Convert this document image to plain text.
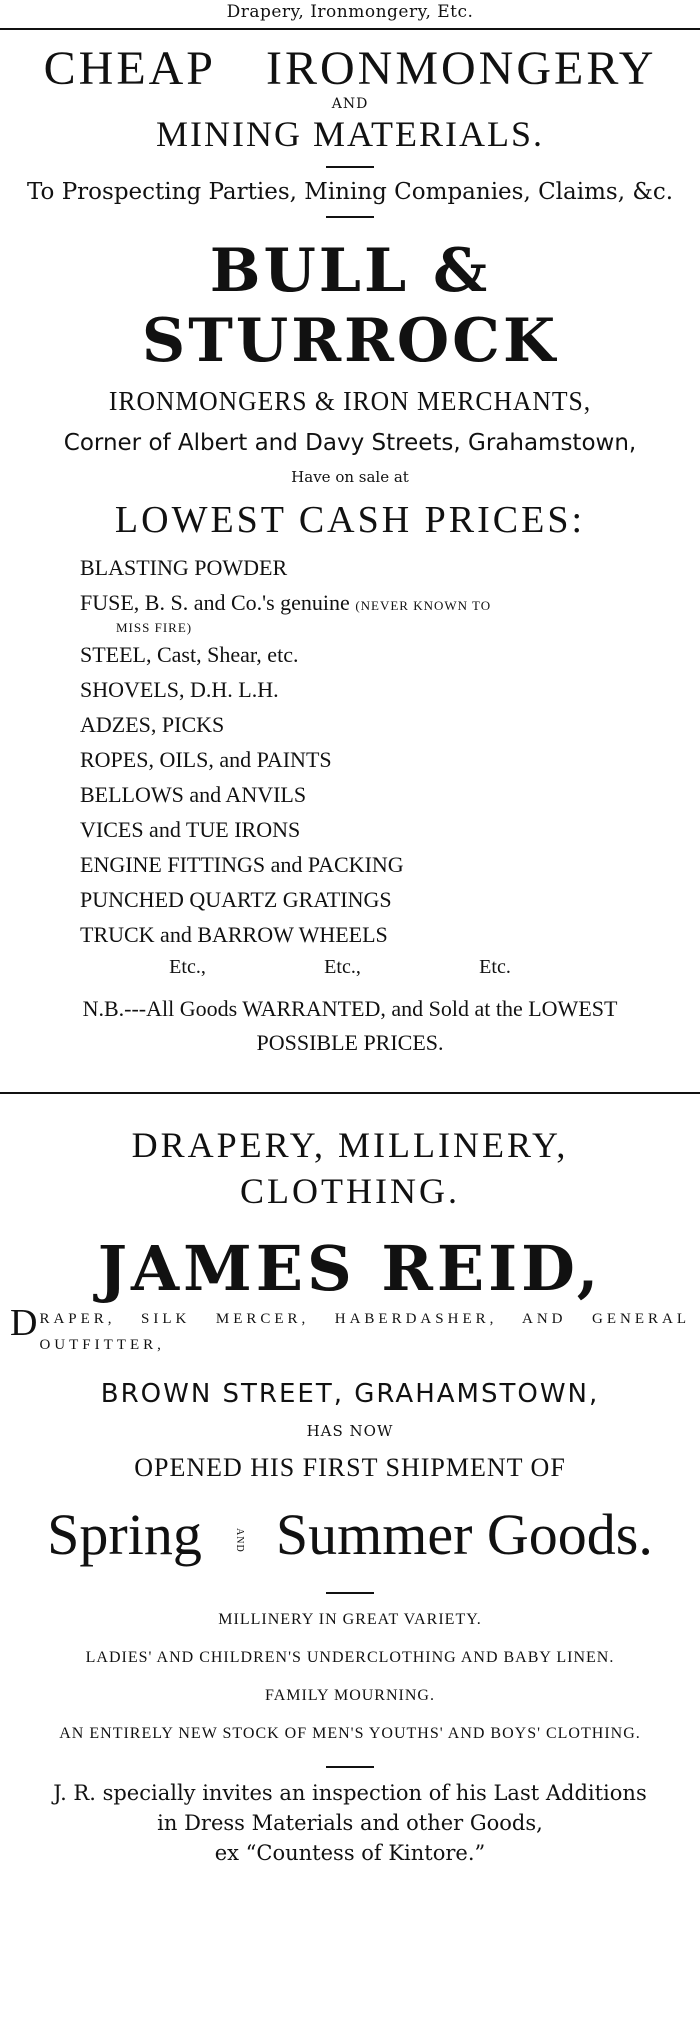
Drapery, Ironmongery, Etc.
CHEAP IRONMONGERY
AND
MINING MATERIALS.
To Prospecting Parties, Mining Companies, Claims, &c.
BULL & STURROCK
IRONMONGERS & IRON MERCHANTS,
Corner of Albert and Davy Streets, Grahamstown,
Have on sale at
LOWEST CASH PRICES:
BLASTING POWDER
FUSE, B. S. and Co.'s genuine (NEVER KNOWN TO
MISS FIRE)
STEEL, Cast, Shear, etc.
SHOVELS, D.H. L.H.
ADZES, PICKS
ROPES, OILS, and PAINTS
BELLOWS and ANVILS
VICES and TUE IRONS
ENGINE FITTINGS and PACKING
PUNCHED QUARTZ GRATINGS
TRUCK and BARROW WHEELS
Etc.,	Etc.,	Etc.
N.B.---All Goods WARRANTED, and Sold at the LOWEST
POSSIBLE PRICES.
DRAPERY, MILLINERY,
CLOTHING.
JAMES REID,
DRAPER, SILK MERCER, HABERDASHER, AND GENERAL OUTFITTER,
BROWN STREET, GRAHAMSTOWN,
HAS NOW
OPENED HIS FIRST SHIPMENT OF
Spring	AND Summer Goods.
MILLINERY IN GREAT VARIETY.
LADIES' AND CHILDREN'S UNDERCLOTHING AND BABY LINEN.
FAMILY MOURNING.
AN ENTIRELY NEW STOCK OF MEN'S YOUTHS' AND BOYS' CLOTHING.
J. R. specially invites an inspection of his Last Additions
in Dress Materials and other Goods,
ex “Countess of Kintore.”
